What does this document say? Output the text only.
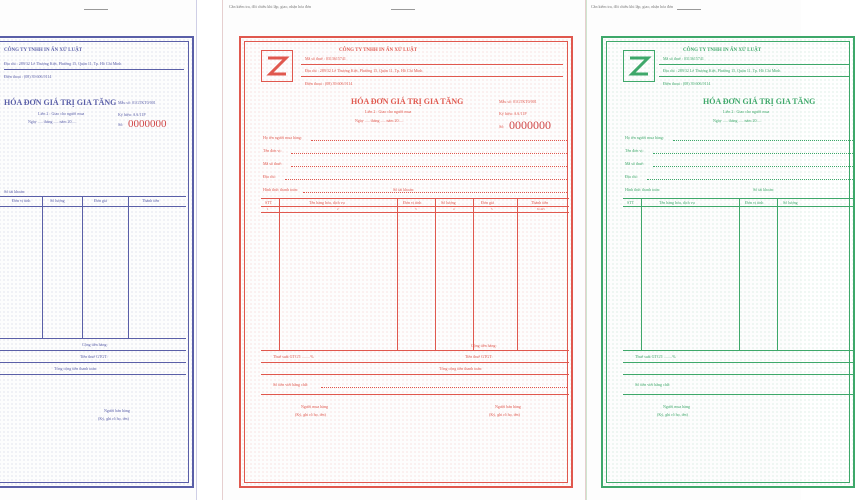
CÔNG TY TNHH IN ẤN XỬ LUẬT
Địa chỉ : 289/32 Lê Thượng Kiệt, Phường 15, Quận 11, Tp. Hồ Chí Minh
Điện thoại : (08) 39.606.9114
HÓA ĐƠN GIÁ TRỊ GIA TĂNG Mẫu số: 01GTKT0/001
Ký hiệu: AA/11P
Số: 0000000
Liên 2 : Giao cho người mua
Ngày ..... tháng ..... năm 20.....
Số tài khoản:
Đơn vị tính	Số lượng	Đơn giá	Thành tiền
Cộng tiền hàng:
Tiền thuế GTGT:
Tổng cộng tiền thanh toán:
Người bán hàng
(Ký, ghi rõ họ, tên)
Cần kiểm tra, đối chiếu khi lập, giao, nhận hóa đơn
CÔNG TY TNHH IN ẤN XỬ LUẬT
Mã số thuế : 0313615741
Địa chỉ : 289/32 Lê Thượng Kiệt, Phường 15, Quận 11, Tp. Hồ Chí Minh
Điện thoại : (08) 39.606.9114
HÓA ĐƠN GIÁ TRỊ GIA TĂNG
Liên 2 : Giao cho người mua
Ngày ..... tháng ..... năm 20.....
Mẫu số: 01GTKT0/001
Ký hiệu: AA/11P
Số: 0000000
Họ tên người mua hàng:
Tên đơn vị:
Mã số thuế:
Địa chỉ:
Hình thức thanh toán:	Số tài khoản:
STT	Tên hàng hóa, dịch vụ	Đơn vị tính	Số lượng	Đơn giá	Thành tiền
1	2	3	4	5	6=4x5
Cộng tiền hàng:
Thuế suất GTGT: ........%	Tiền thuế GTGT:
Tổng cộng tiền thanh toán:
Số tiền viết bằng chữ:
Người mua hàng
(Ký, ghi rõ họ, tên)
Người bán hàng
(Ký, ghi rõ họ, tên)
Cần kiểm tra, đối chiếu khi lập, giao, nhận hóa đơn
CÔNG TY TNHH IN ẤN XỬ LUẬT
Mã số thuế : 0313615741
Địa chỉ : 289/32 Lê Thượng Kiệt, Phường 15, Quận 11, Tp. Hồ Chí Minh
Điện thoại : (08) 39.606.9114
HÓA ĐƠN GIÁ TRỊ GIA TĂNG
Liên 2 : Giao cho người mua
Ngày ..... tháng ..... năm 20.....
Họ tên người mua hàng:
Tên đơn vị:
Mã số thuế:
Địa chỉ:
Hình thức thanh toán:	Số tài khoản:
STT	Tên hàng hóa, dịch vụ	Đơn vị tính	Số lượng
Thuế suất GTGT: ........%
Số tiền viết bằng chữ:
Người mua hàng
(Ký, ghi rõ họ, tên)
